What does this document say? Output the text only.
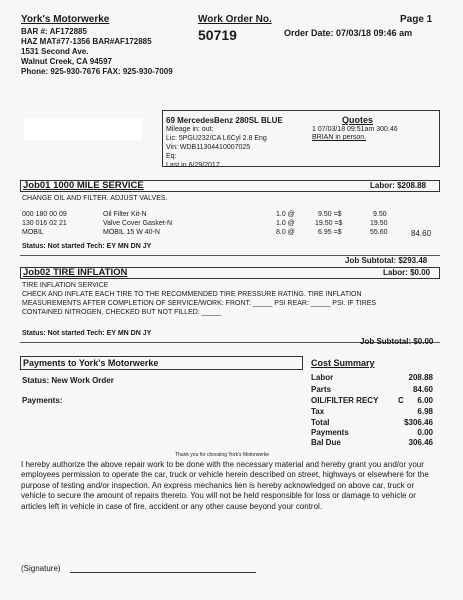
York's Motorwerke
BAR #: AF172885
HAZ MAT#77-1356 BAR#AF172885
1531 Second Ave.
Walnut Creek, CA 94597
Phone: 925-930-7676 FAX: 925-930-7009
Work Order No.
50719
Page 1
Order Date: 07/03/18 09:46 am
69 MercedesBenz 280SL BLUE
Mileage in: out:
Lic: 5PGU232/CA L6Cyl 2.8 Eng
Vin: WDB11304410007025
Eq:
Last in 6/29/2017
Quotes
1 07/03/18 09:51am 300.46
BRIAN in person.
Job01 1000 MILE SERVICE	Labor: $208.88
CHANGE OIL AND FILTER. ADJUST VALVES.
000 180 00 09	Oil Filter Kit-N	1.0 @	9.50 =$	9.50
130 016 02 21	Valve Cover Gasket-N	1.0 @	19.50 =$	19.50
MOBIL	MOBIL 15 W 40-N	8.0 @	6.95 =$	55.60	84.60
Status: Not started Tech: EY MN DN JY
Job Subtotal: $293.48
Job02 TIRE INFLATION	Labor: $0.00
TIRE INFLATION SERVICE
CHECK AND INFLATE EACH TIRE TO THE RECOMMENDED TIRE PRESSURE RATING. TIRE INFLATION
MEASUREMENTS AFTER COMPLETION OF SERVICE/WORK: FRONT: _____ PSI REAR: _____ PSI. IF TIRES
CONTAINED NITROGEN, CHECKED BUT NOT FILLED: _____
Status: Not started Tech: EY MN DN JY
Job Subtotal: $0.00
Payments to York's Motorwerke	Cost Summary
Status: New Work Order
Payments:
Labor	208.88
Parts	84.60
OIL/FILTER RECY C	6.00
Tax	6.98
Total	$306.46
Payments	0.00
Bal Due	306.46
Thank you for choosing York's Motorwerke
I hereby authorize the above repair work to be done with the necessary material and hereby grant you and/or your employees permission to operate the car, truck or vehicle herein described on street, highways or elsewhere for the purpose of testing and/or inspection. An express mechanics lien is hereby acknowledged on above car, truck or vehicle to secure the amount of repairs thereto. You will not be held responsible for loss or damage to vehicle or articles left in vehicle in case of fire, accident or any other cause beyond your control.
(Signature)
